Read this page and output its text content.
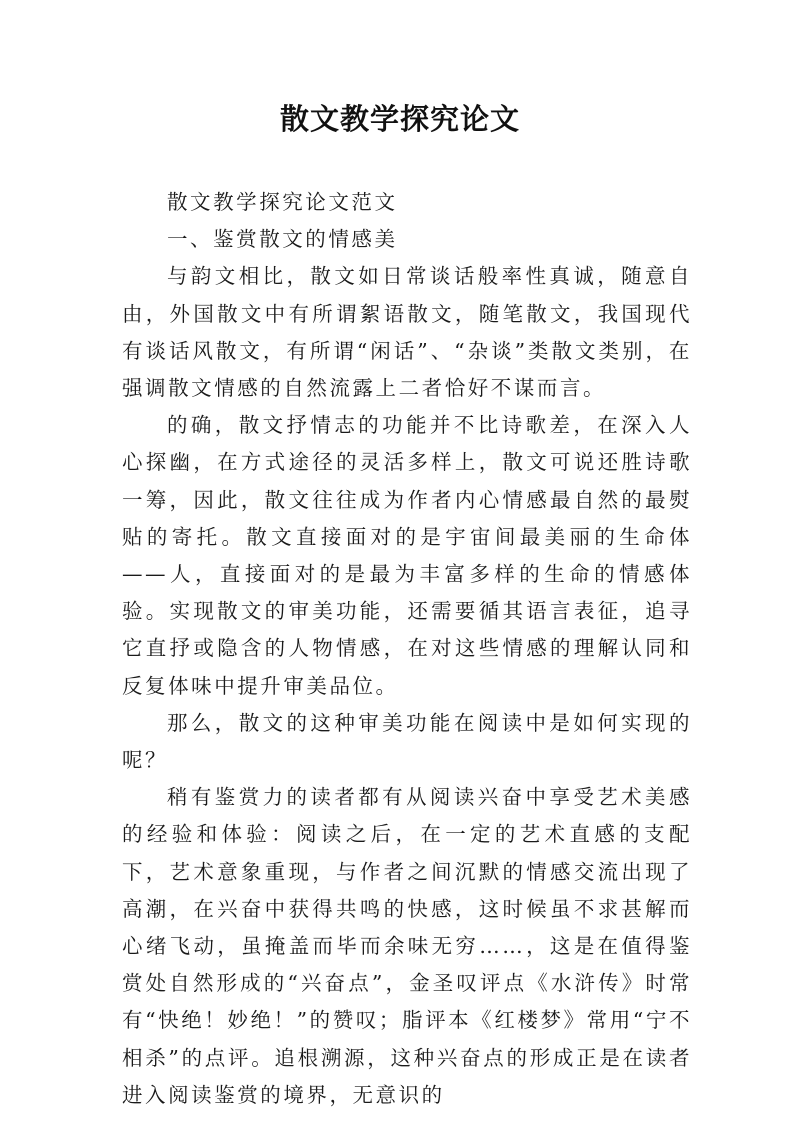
散文教学探究论文

散文教学探究论文范文

一、鉴赏散文的情感美

与韵文相比，散文如日常谈话般率性真诚，随意自由，外国散文中有所谓絮语散文，随笔散文，我国现代有谈话风散文，有所谓“闲话”、“杂谈”类散文类别，在强调散文情感的自然流露上二者恰好不谋而言。

的确，散文抒情志的功能并不比诗歌差，在深入人心探幽，在方式途径的灵活多样上，散文可说还胜诗歌一筹，因此，散文往往成为作者内心情感最自然的最熨贴的寄托。散文直接面对的是宇宙间最美丽的生命体——人，直接面对的是最为丰富多样的生命的情感体验。实现散文的审美功能，还需要循其语言表征，追寻它直抒或隐含的人物情感，在对这些情感的理解认同和反复体味中提升审美品位。

那么，散文的这种审美功能在阅读中是如何实现的呢？

稍有鉴赏力的读者都有从阅读兴奋中享受艺术美感的经验和体验：阅读之后，在一定的艺术直感的支配下，艺术意象重现，与作者之间沉默的情感交流出现了高潮，在兴奋中获得共鸣的快感，这时候虽不求甚解而心绪飞动，虽掩盖而毕而余味无穷……，这是在值得鉴赏处自然形成的“兴奋点”，金圣叹评点《水浒传》时常有“快绝！妙绝！”的赞叹；脂评本《红楼梦》常用“宁不相杀”的点评。追根溯源，这种兴奋点的形成正是在读者进入阅读鉴赏的境界，无意识的
